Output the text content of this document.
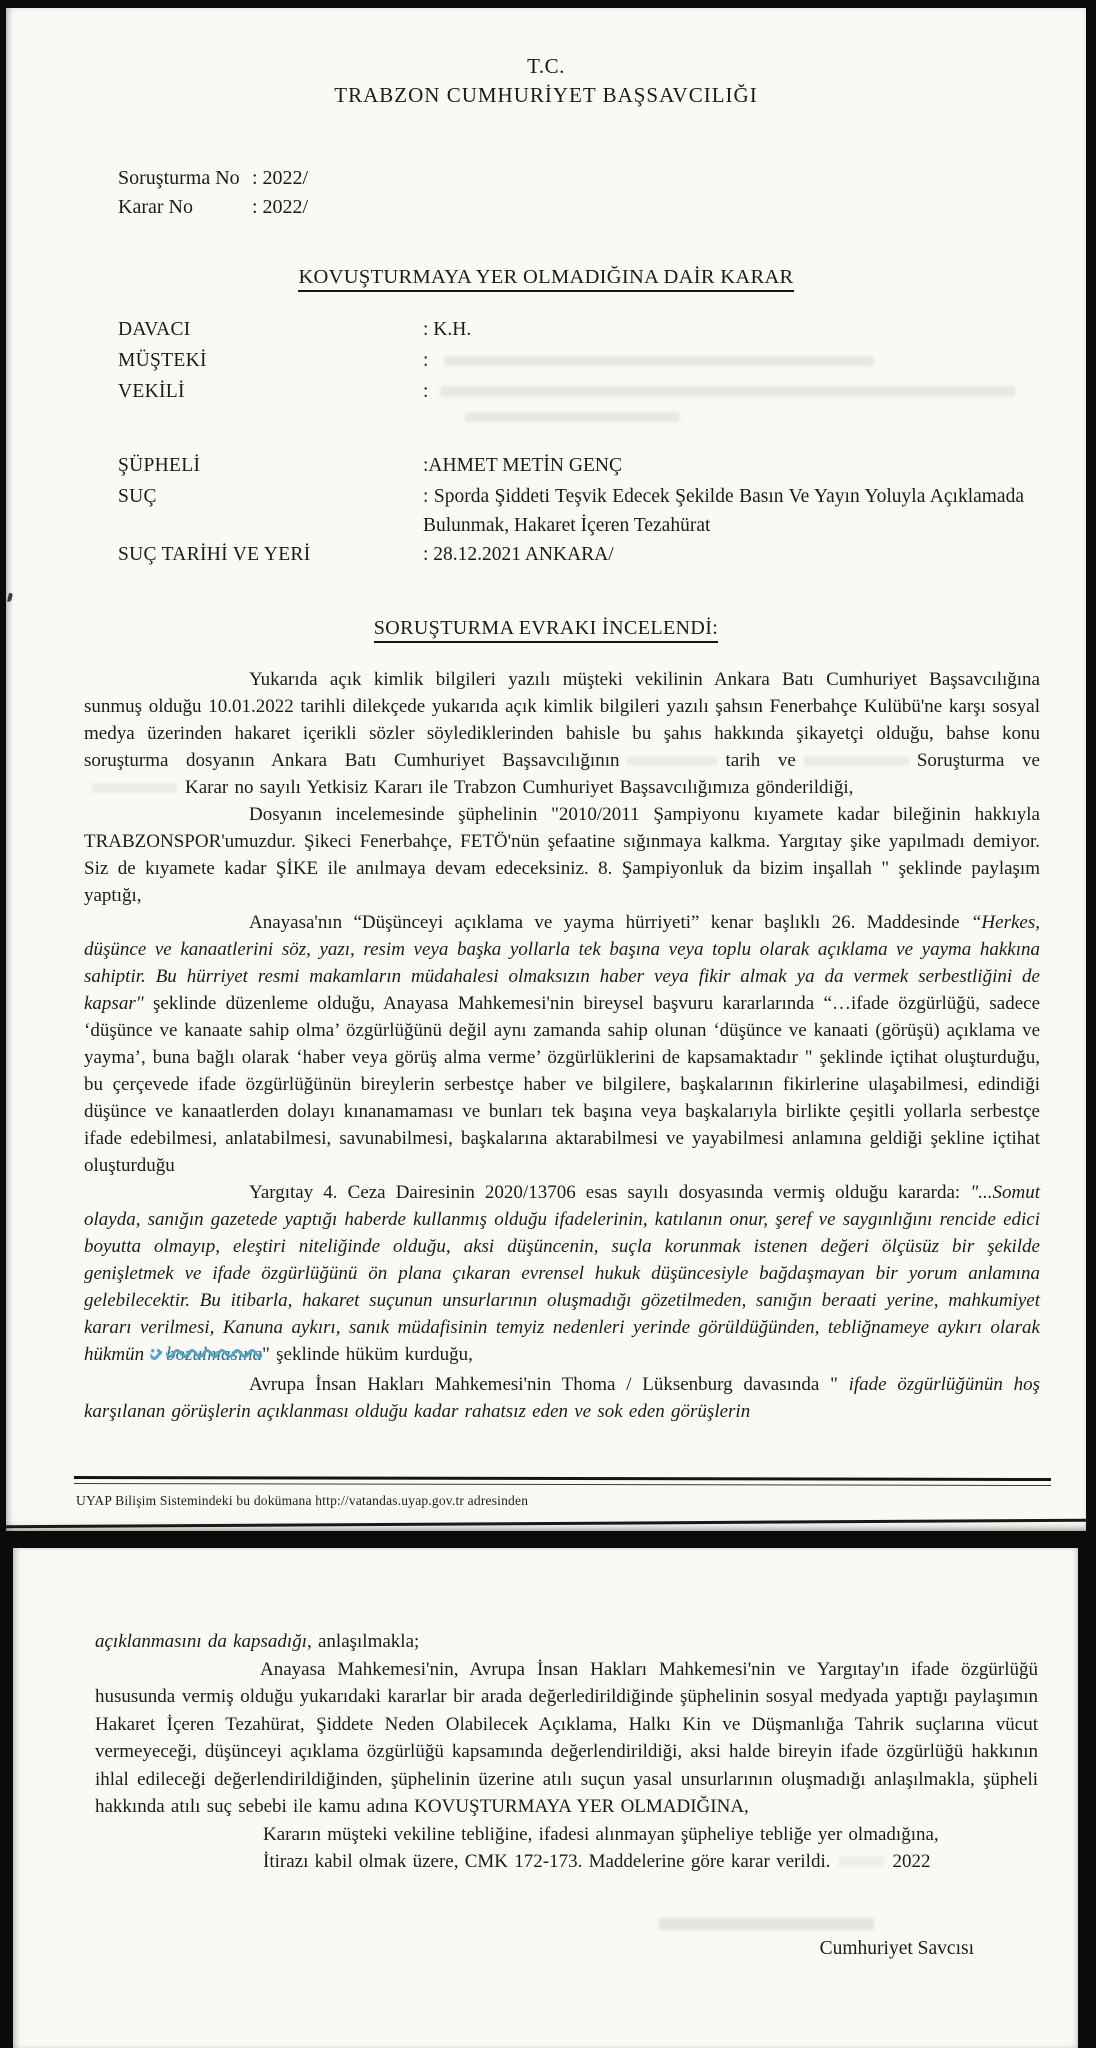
T.C.
TRABZON CUMHURİYET BAŞSAVCILIĞI
Soruşturma No : 2022/
Karar No	: 2022/
KOVUŞTURMAYA YER OLMADIĞINA DAİR KARAR
DAVACI	: K.H.
MÜŞTEKİ	:
VEKİLİ	:
ŞÜPHELİ	:AHMET METİN GENÇ
SUÇ	: Sporda Şiddeti Teşvik Edecek Şekilde Basın Ve Yayın Yoluyla Açıklamada Bulunmak, Hakaret İçeren Tezahürat
SUÇ TARİHİ VE YERİ	: 28.12.2021 ANKARA/
SORUŞTURMA EVRAKI İNCELENDİ:

Yukarıda açık kimlik bilgileri yazılı müşteki vekilinin Ankara Batı Cumhuriyet Başsavcılığına sunmuş olduğu 10.01.2022 tarihli dilekçede yukarıda açık kimlik bilgileri yazılı şahsın Fenerbahçe Kulübü'ne karşı sosyal medya üzerinden hakaret içerikli sözler söylediklerinden bahisle bu şahıs hakkında şikayetçi olduğu, bahse konu soruşturma dosyanın Ankara Batı Cumhuriyet Başsavcılığının	tarih ve	Soruşturma veKarar no sayılı Yetkisiz Kararı ile Trabzon Cumhuriyet Başsavcılığımıza gönderildiği,

Dosyanın incelemesinde şüphelinin "2010/2011 Şampiyonu kıyamete kadar bileğinin hakkıyla TRABZONSPOR'umuzdur. Şikeci Fenerbahçe, FETÖ'nün şefaatine sığınmaya kalkma. Yargıtay şike yapılmadı demiyor. Siz de kıyamete kadar ŞİKE ile anılmaya devam edeceksiniz. 8. Şampiyonluk da bizim inşallah " şeklinde paylaşım yaptığı,

Anayasa'nın “Düşünceyi açıklama ve yayma hürriyeti” kenar başlıklı 26. Maddesinde “Herkes, düşünce ve kanaatlerini söz, yazı, resim veya başka yollarla tek başına veya toplu olarak açıklama ve yayma hakkına sahiptir. Bu hürriyet resmi makamların müdahalesi olmaksızın haber veya fikir almak ya da vermek serbestliğini de kapsar" şeklinde düzenleme olduğu, Anayasa Mahkemesi'nin bireysel başvuru kararlarında “…ifade özgürlüğü, sadece ‘düşünce ve kanaate sahip olma’ özgürlüğünü değil aynı zamanda sahip olunan ‘düşünce ve kanaati (görüşü) açıklama ve yayma’, buna bağlı olarak ‘haber veya görüş alma verme’ özgürlüklerini de kapsamaktadır " şeklinde içtihat oluşturduğu, bu çerçevede ifade özgürlüğünün bireylerin serbestçe haber ve bilgilere, başkalarının fikirlerine ulaşabilmesi, edindiği düşünce ve kanaatlerden dolayı kınanamaması ve bunları tek başına veya başkalarıyla birlikte çeşitli yollarla serbestçe ifade edebilmesi, anlatabilmesi, savunabilmesi, başkalarına aktarabilmesi ve yayabilmesi anlamına geldiği şekline içtihat oluşturduğu

Yargıtay 4. Ceza Dairesinin 2020/13706 esas sayılı dosyasında vermiş olduğu kararda: "...Somut olayda, sanığın gazetede yaptığı haberde kullanmış olduğu ifadelerinin, katılanın onur, şeref ve saygınlığını rencide edici boyutta olmayıp, eleştiri niteliğinde olduğu, aksi düşüncenin, suçla korunmak istenen değeri ölçüsüz bir şekilde genişletmek ve ifade özgürlüğünü ön plana çıkaran evrensel hukuk düşüncesiyle bağdaşmayan bir yorum anlamına gelebilecektir. Bu itibarla, hakaret suçunun unsurlarının oluşmadığı gözetilmeden, sanığın beraati yerine, mahkumiyet kararı verilmesi, Kanuna aykırı, sanık müdafisinin temyiz nedenleri yerinde görüldüğünden, tebliğnameye aykırı olarak hükmün ●● bozulmasına" şeklinde hüküm kurduğu,

Avrupa İnsan Hakları Mahkemesi'nin Thoma / Lüksenburg davasında " ifade özgürlüğünün hoş karşılanan görüşlerin açıklanması olduğu kadar rahatsız eden ve sok eden görüşlerin

UYAP Bilişim Sistemindeki bu dokümana http://vatandas.uyap.gov.tr adresinden

açıklanmasını da kapsadığı, anlaşılmakla;

Anayasa Mahkemesi'nin, Avrupa İnsan Hakları Mahkemesi'nin ve Yargıtay'ın ifade özgürlüğü hususunda vermiş olduğu yukarıdaki kararlar bir arada değerledirildiğinde şüphelinin sosyal medyada yaptığı paylaşımın Hakaret İçeren Tezahürat, Şiddete Neden Olabilecek Açıklama, Halkı Kin ve Düşmanlığa Tahrik suçlarına vücut vermeyeceği, düşünceyi açıklama özgürlüğü kapsamında değerlendirildiği, aksi halde bireyin ifade özgürlüğü hakkının ihlal edileceği değerlendirildiğinden, şüphelinin üzerine atılı suçun yasal unsurlarının oluşmadığı anlaşılmakla, şüpheli hakkında atılı suç sebebi ile kamu adına KOVUŞTURMAYA YER OLMADIĞINA,

Kararın müşteki vekiline tebliğine, ifadesi alınmayan şüpheliye tebliğe yer olmadığına,

İtirazı kabil olmak üzere, CMK 172-173. Maddelerine göre karar verildi.	2022

Cumhuriyet Savcısı
